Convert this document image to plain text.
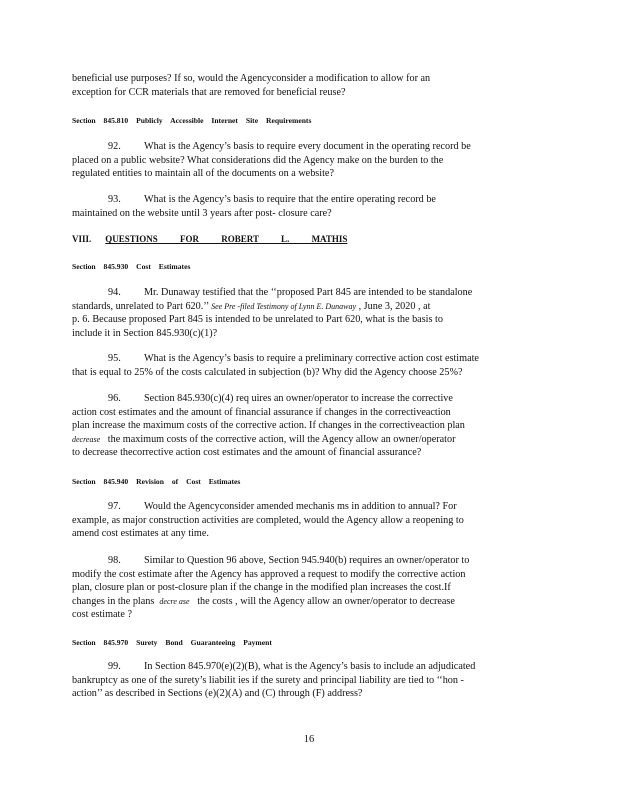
beneficial use purposes? If so, would the Agencyconsider a modification to allow for an
exception for CCR materials that are removed for beneficial reuse?
Section 845.810 Publicly Accessible Internet Site Requirements
92. What is the Agency’s basis to require every document in the operating record be
placed on a public website? What considerations did the Agency make on the burden to the
regulated entities to maintain all of the documents on a website?
93. What is the Agency’s basis to require that the entire operating record be
maintained on the website until 3 years after post- closure care?
VIII. QUESTIONS FOR ROBERT L. MATHIS
Section 845.930 Cost Estimates
94. Mr. Dunaway testified that the ‘‘proposed Part 845 are intended to be standalone
standards, unrelated to Part 620.’’ See Pre -filed Testimony of Lynn E. Dunaway , June 3, 2020 , at
p. 6. Because proposed Part 845 is intended to be unrelated to Part 620, what is the basis to
include it in Section 845.930(c)(1)?
95. What is the Agency’s basis to require a preliminary corrective action cost estimate
that is equal to 25% of the costs calculated in subjection (b)? Why did the Agency choose 25%?
96. Section 845.930(c)(4) req uires an owner/operator to increase the corrective
action cost estimates and the amount of financial assurance if changes in the correctiveaction
plan increase the maximum costs of the corrective action. If changes in the correctiveaction plan
decrease the maximum costs of the corrective action, will the Agency allow an owner/operator
to decrease thecorrective action cost estimates and the amount of financial assurance?
Section 845.940 Revision of Cost Estimates
97. Would the Agencyconsider amended mechanis ms in addition to annual? For
example, as major construction activities are completed, would the Agency allow a reopening to
amend cost estimates at any time.
98. Similar to Question 96 above, Section 945.940(b) requires an owner/operator to
modify the cost estimate after the Agency has approved a request to modify the corrective action
plan, closure plan or post-closure plan if the change in the modified plan increases the cost.If
changes in the plans decre ase the costs , will the Agency allow an owner/operator to decrease
cost estimate ?
Section 845.970 Surety Bond Guaranteeing Payment
99. In Section 845.970(e)(2)(B), what is the Agency’s basis to include an adjudicated
bankruptcy as one of the surety’s liabilit ies if the surety and principal liability are tied to ‘‘hon -
action’’ as described in Sections (e)(2)(A) and (C) through (F) address?
16
